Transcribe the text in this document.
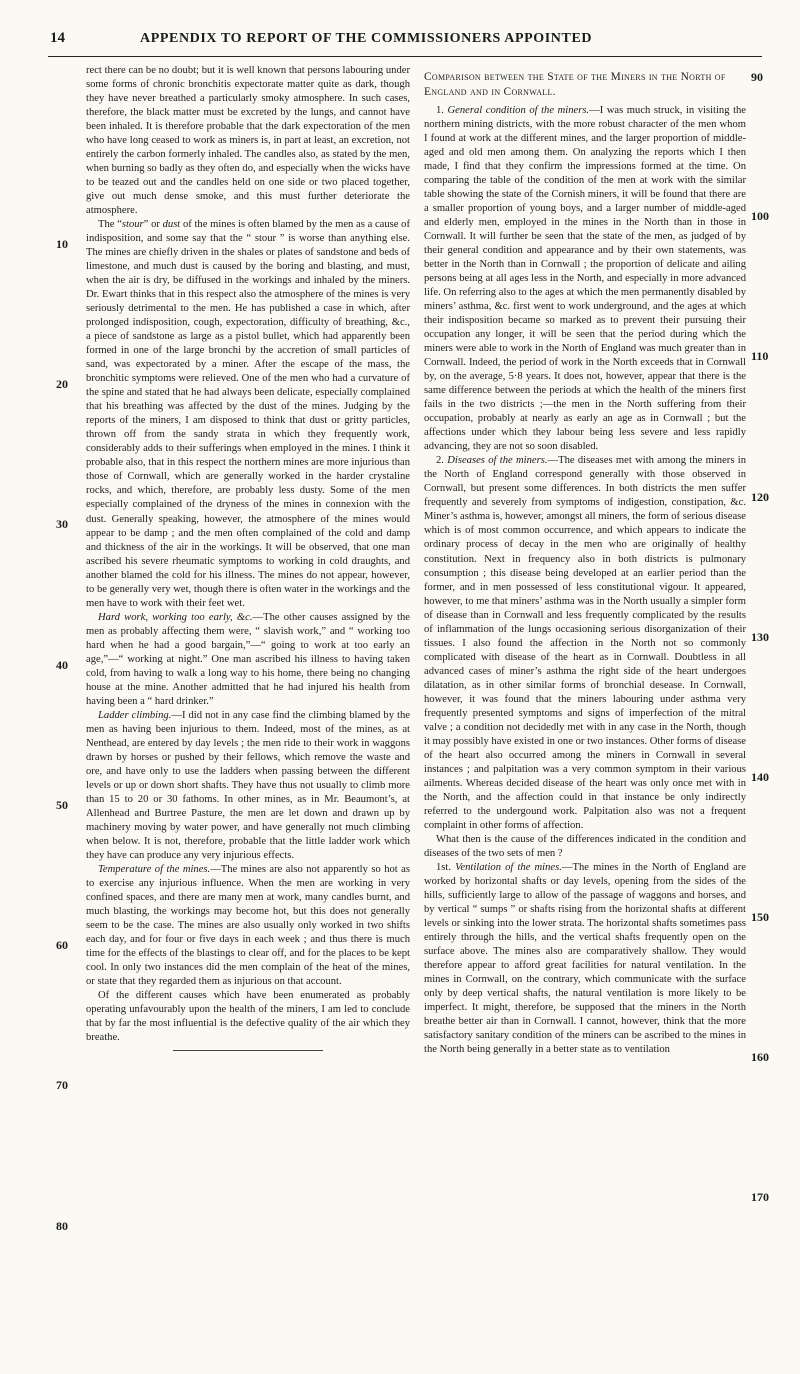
14	APPENDIX TO REPORT OF THE COMMISSIONERS APPOINTED
10
20
30
40
50
60
70
80
90
100
110
120
130
140
150
160
170

rect there can be no doubt; but it is well known that persons labouring under some forms of chronic bronchitis expectorate matter quite as dark, though they have never breathed a particularly smoky atmosphere. In such cases, therefore, the black matter must be excreted by the lungs, and cannot have been inhaled. It is therefore probable that the dark expectoration of the men who have long ceased to work as miners is, in part at least, an excretion, not entirely the carbon formerly inhaled. The candles also, as stated by the men, when burning so badly as they often do, and especially when the wicks have to be teazed out and the candles held on one side or two placed together, give out much dense smoke, and this must further deteriorate the atmosphere.

The “stour” or dust of the mines is often blamed by the men as a cause of indisposition, and some say that the “ stour ” is worse than anything else. The mines are chiefly driven in the shales or plates of sandstone and beds of limestone, and much dust is caused by the boring and blasting, and must, when the air is dry, be diffused in the workings and inhaled by the miners. Dr. Ewart thinks that in this respect also the atmosphere of the mines is very seriously detrimental to the men. He has published a case in which, after prolonged indisposition, cough, expectoration, difficulty of breathing, &c., a piece of sandstone as large as a pistol bullet, which had apparently been formed in one of the large bronchi by the accretion of small particles of sand, was expectorated by a miner. After the escape of the mass, the bronchitic symptoms were relieved. One of the men who had a curvature of the spine and stated that he had always been delicate, especially complained that his breathing was affected by the dust of the mines. Judging by the reports of the miners, I am disposed to think that dust or gritty particles, thrown off from the sandy strata in which they frequently work, considerably adds to their sufferings when employed in the mines. I think it probable also, that in this respect the northern mines are more injurious than those of Cornwall, which are generally worked in the harder crystaline rocks, and which, therefore, are probably less dusty. Some of the men especially complained of the dryness of the mines in connexion with the dust. Generally speaking, however, the atmosphere of the mines would appear to be damp ; and the men often complained of the cold and damp and thickness of the air in the workings. It will be observed, that one man ascribed his severe rheumatic symptoms to working in cold draughts, and another blamed the cold for his illness. The mines do not appear, however, to be generally very wet, though there is often water in the workings and the men have to work with their feet wet.

Hard work, working too early, &c.—The other causes assigned by the men as probably affecting them were, “ slavish work,” and “ working too hard when he had a good bargain,”—“ going to work at too early an age,”—“ working at night.” One man ascribed his illness to having taken cold, from having to walk a long way to his home, there being no changing house at the mine. Another admitted that he had injured his health from having been a “ hard drinker.”

Ladder climbing.—I did not in any case find the climbing blamed by the men as having been injurious to them. Indeed, most of the mines, as at Nenthead, are entered by day levels ; the men ride to their work in waggons drawn by horses or pushed by their fellows, which remove the waste and ore, and have only to use the ladders when passing between the different levels or up or down short shafts. They have thus not usually to climb more than 15 to 20 or 30 fathoms. In other mines, as in Mr. Beaumont’s, at Allenhead and Burtree Pasture, the men are let down and drawn up by machinery moving by water power, and have generally not much climbing when below. It is not, therefore, probable that the little ladder work which they have can produce any very injurious effects.

Temperature of the mines.—The mines are also not apparently so hot as to exercise any injurious influence. When the men are working in very confined spaces, and there are many men at work, many candles burnt, and much blasting, the workings may become hot, but this does not generally seem to be the case. The mines are also usually only worked in two shifts each day, and for four or five days in each week ; and thus there is much time for the effects of the blastings to clear off, and for the places to be kept cool. In only two instances did the men complain of the heat of the mines, or state that they regarded them as injurious on that account.

Of the different causes which have been enumerated as probably operating unfavourably upon the health of the miners, I am led to conclude that by far the most influential is the defective quality of the air which they breathe.

Comparison between the State of the Miners in the North of England and in Cornwall.

1. General condition of the miners.—I was much struck, in visiting the northern mining districts, with the more robust character of the men whom I found at work at the different mines, and the larger proportion of middle-aged and old men among them. On analyzing the reports which I then made, I find that they confirm the impressions formed at the time. On comparing the table of the condition of the men at work with the similar table showing the state of the Cornish miners, it will be found that there are a smaller proportion of young boys, and a larger number of middle-aged and elderly men, employed in the mines in the North than in those in Cornwall. It will further be seen that the state of the men, as judged of by their general condition and appearance and by their own statements, was better in the North than in Cornwall ; the proportion of delicate and ailing persons being at all ages less in the North, and especially in more advanced life. On referring also to the ages at which the men permanently disabled by miners’ asthma, &c. first went to work underground, and the ages at which their indisposition became so marked as to prevent their pursuing their occupation any longer, it will be seen that the period during which the miners were able to work in the North of England was much greater than in Cornwall. Indeed, the period of work in the North exceeds that in Cornwall by, on the average, 5·8 years. It does not, however, appear that there is the same difference between the periods at which the health of the miners first fails in the two districts ;—the men in the North suffering from their occupation, probably at nearly as early an age as in Cornwall ; but the affections under which they labour being less severe and less rapidly advancing, they are not so soon disabled.

2. Diseases of the miners.—The diseases met with among the miners in the North of England correspond generally with those observed in Cornwall, but present some differences. In both districts the men suffer frequently and severely from symptoms of indigestion, constipation, &c. Miner’s asthma is, however, amongst all miners, the form of serious disease which is of most common occurrence, and which appears to indicate the ordinary process of decay in the men who are originally of healthy constitution. Next in frequency also in both districts is pulmonary consumption ; this disease being developed at an earlier period than the former, and in men possessed of less constitutional vigour. It appeared, however, to me that miners’ asthma was in the North usually a simpler form of disease than in Cornwall and less frequently complicated by the results of inflammation of the lungs occasioning serious disorganization of their tissues. I also found the affection in the North not so commonly complicated with disease of the heart as in Cornwall. Doubtless in all advanced cases of miner’s asthma the right side of the heart undergoes dilatation, as in other similar forms of bronchial desease. In Cornwall, however, it was found that the miners labouring under asthma very frequently presented symptoms and signs of imperfection of the mitral valve ; a condition not decidedly met with in any case in the North, though it may possibly have existed in one or two instances. Other forms of disease of the heart also occurred among the miners in Cornwall in several instances ; and palpitation was a very common symptom in their various ailments. Whereas decided disease of the heart was only once met with in the North, and the affection could in that instance be only indirectly referred to the undergound work. Palpitation also was not a frequent complaint in other forms of affection.

What then is the cause of the differences indicated in the condition and diseases of the two sets of men ?

1st. Ventilation of the mines.—The mines in the North of England are worked by horizontal shafts or day levels, opening from the sides of the hills, sufficiently large to allow of the passage of waggons and horses, and by vertical “ sumps ” or shafts rising from the horizontal shafts at different levels or sinking into the lower strata. The horizontal shafts sometimes pass entirely through the hills, and the vertical shafts frequently open on the surface above. The mines also are comparatively shallow. They would therefore appear to afford great facilities for natural ventilation. In the mines in Cornwall, on the contrary, which communicate with the surface only by deep vertical shafts, the natural ventilation is more likely to be imperfect. It might, therefore, be supposed that the miners in the North breathe better air than in Cornwall. I cannot, however, think that the more satisfactory sanitary condition of the miners can be ascribed to the mines in the North being generally in a better state as to ventilation
